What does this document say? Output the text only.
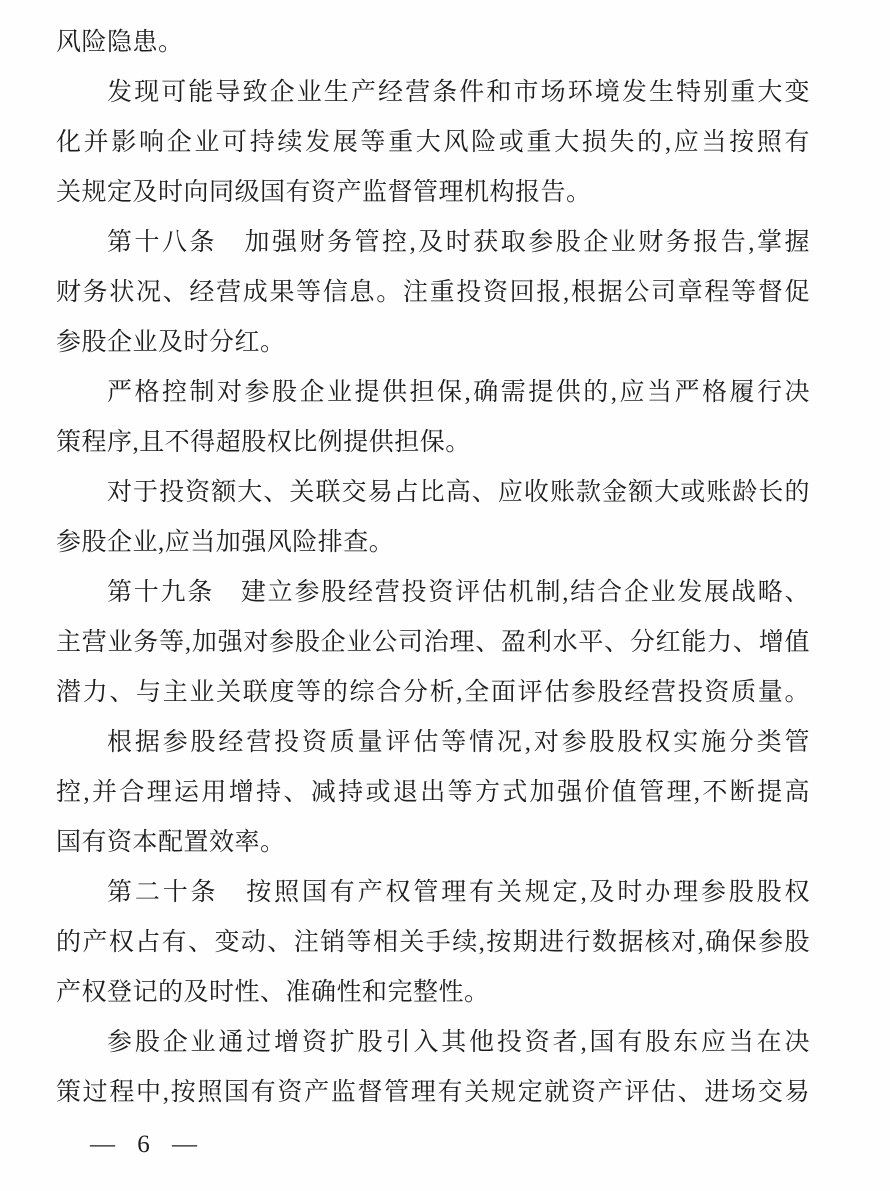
风险隐患。
发现可能导致企业生产经营条件和市场环境发生特别重大变
化并影响企业可持续发展等重大风险或重大损失的,应当按照有
关规定及时向同级国有资产监督管理机构报告。
第十八条　加强财务管控,及时获取参股企业财务报告,掌握
财务状况、经营成果等信息。注重投资回报,根据公司章程等督促
参股企业及时分红。
严格控制对参股企业提供担保,确需提供的,应当严格履行决
策程序,且不得超股权比例提供担保。
对于投资额大、关联交易占比高、应收账款金额大或账龄长的
参股企业,应当加强风险排查。
第十九条　建立参股经营投资评估机制,结合企业发展战略、
主营业务等,加强对参股企业公司治理、盈利水平、分红能力、增值
潜力、与主业关联度等的综合分析,全面评估参股经营投资质量。
根据参股经营投资质量评估等情况,对参股股权实施分类管
控,并合理运用增持、减持或退出等方式加强价值管理,不断提高
国有资本配置效率。
第二十条　按照国有产权管理有关规定,及时办理参股股权
的产权占有、变动、注销等相关手续,按期进行数据核对,确保参股
产权登记的及时性、准确性和完整性。
参股企业通过增资扩股引入其他投资者,国有股东应当在决
策过程中,按照国有资产监督管理有关规定就资产评估、进场交易
— 6 —
